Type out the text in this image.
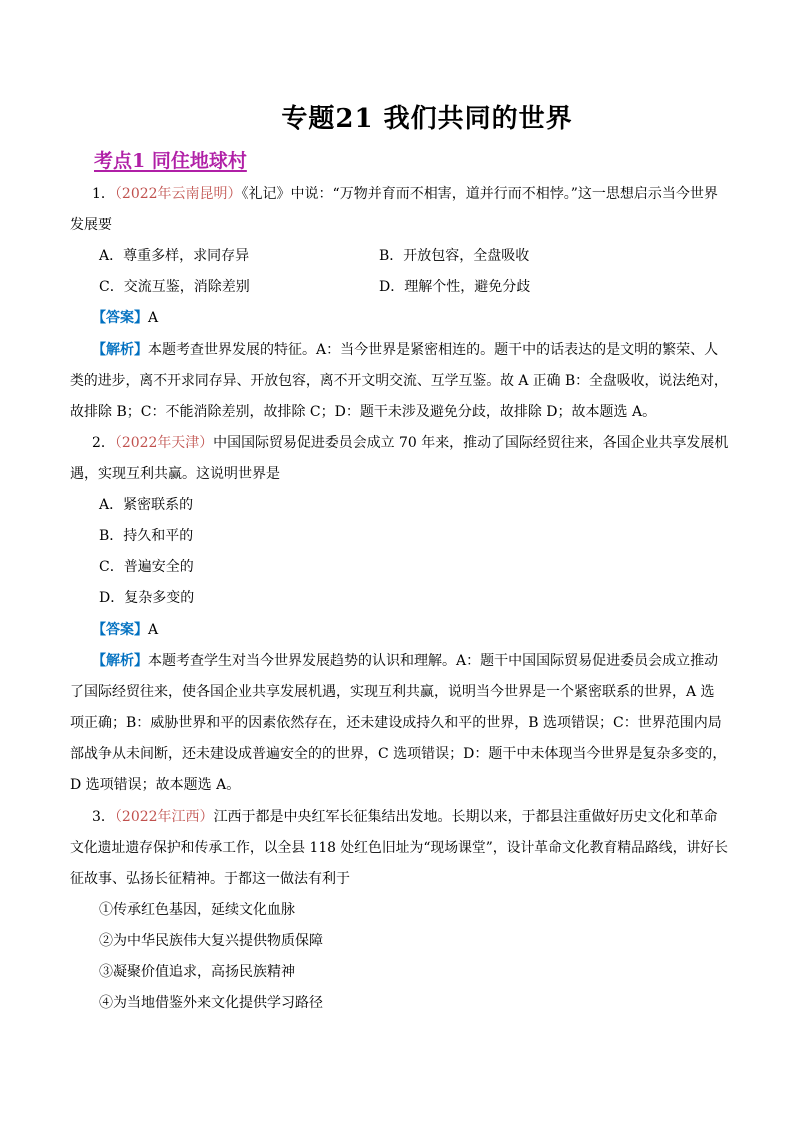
专题21 我们共同的世界
考点1 同住地球村
1．（2022年云南昆明）《礼记》中说：“万物并育而不相害，道并行而不相悖。”这一思想启示当今世界
发展要
A．尊重多样，求同存异	B．开放包容，全盘吸收
C．交流互鉴，消除差别	D．理解个性，避免分歧
【答案】A
【解析】本题考查世界发展的特征。A：当今世界是紧密相连的。题干中的话表达的是文明的繁荣、人
类的进步，离不开求同存异、开放包容，离不开文明交流、互学互鉴。故 A 正确 B：全盘吸收，说法绝对，
故排除 B；C：不能消除差别，故排除 C；D：题干未涉及避免分歧，故排除 D；故本题选 A。
2．（2022年天津）中国国际贸易促进委员会成立 70 年来，推动了国际经贸往来，各国企业共享发展机
遇，实现互利共赢。这说明世界是
A．紧密联系的
B．持久和平的
C．普遍安全的
D．复杂多变的
【答案】A
【解析】本题考查学生对当今世界发展趋势的认识和理解。A：题干中国国际贸易促进委员会成立推动
了国际经贸往来，使各国企业共享发展机遇，实现互利共赢，说明当今世界是一个紧密联系的世界，A 选
项正确；B：威胁世界和平的因素依然存在，还未建设成持久和平的世界，B 选项错误；C：世界范围内局
部战争从未间断，还未建设成普遍安全的的世界，C 选项错误；D：题干中未体现当今世界是复杂多变的，
D 选项错误；故本题选 A。
3．（2022年江西）江西于都是中央红军长征集结出发地。长期以来，于都县注重做好历史文化和革命
文化遗址遗存保护和传承工作，以全县 118 处红色旧址为“现场课堂”，设计革命文化教育精品路线，讲好长
征故事、弘扬长征精神。于都这一做法有利于
①传承红色基因，延续文化血脉
②为中华民族伟大复兴提供物质保障
③凝聚价值追求，高扬民族精神
④为当地借鉴外来文化提供学习路径
